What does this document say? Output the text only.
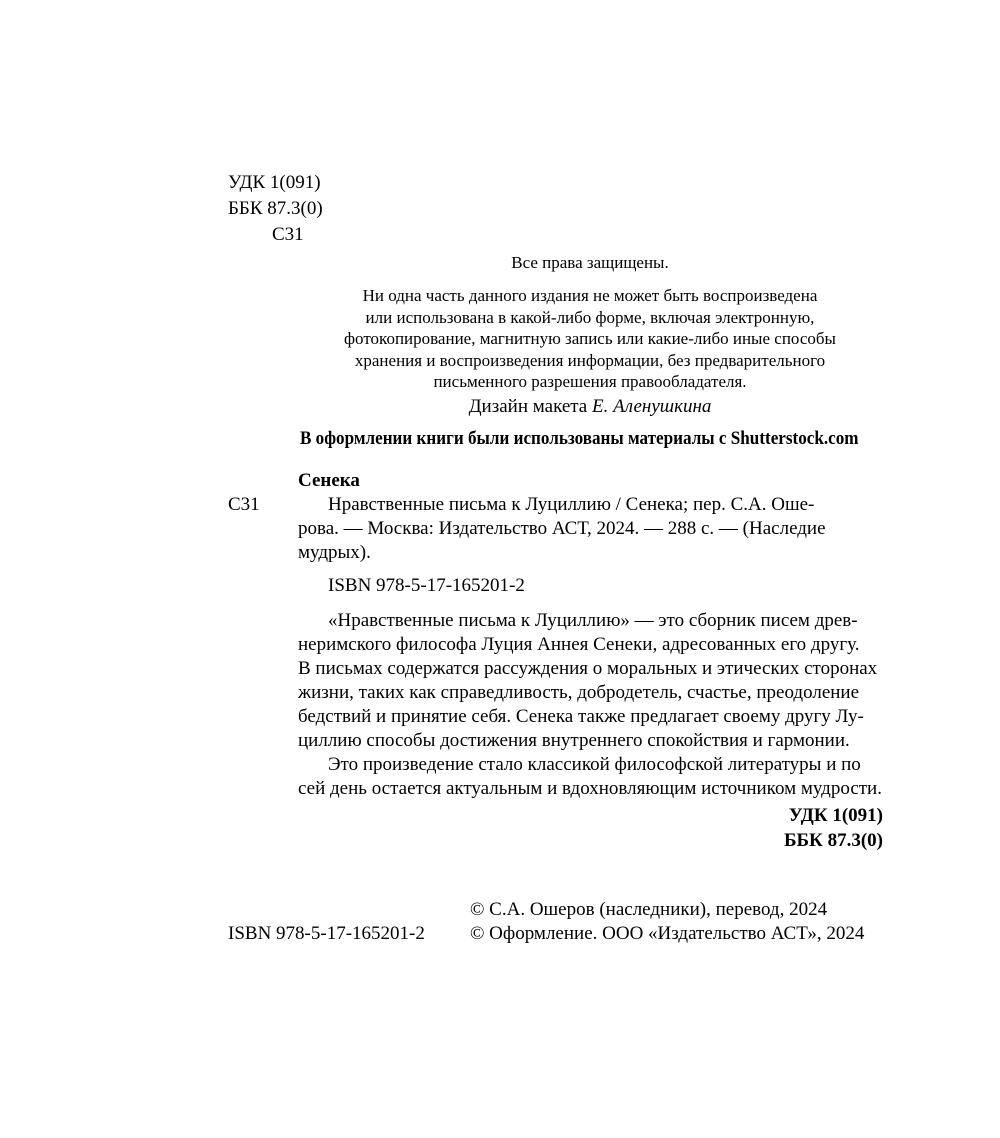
УДК 1(091)
ББК 87.3(0)
С31
Все права защищены.
Ни одна часть данного издания не может быть воспроизведена
или использована в какой-либо форме, включая электронную,
фотокопирование, магнитную запись или какие-либо иные способы
хранения и воспроизведения информации, без предварительного
письменного разрешения правообладателя.
Дизайн макета Е. Аленушкина
В оформлении книги были использованы материалы с Shutterstock.com
Сенека
С31	Нравственные письма к Луциллию / Сенека; пер. С.А. Оше-
рова. — Москва: Издательство АСТ, 2024. — 288 с. — (Наследие
мудрых).
ISBN 978-5-17-165201-2
«Нравственные письма к Луциллию» — это сборник писем древ-
неримского философа Луция Аннея Сенеки, адресованных его другу.
В письмах содержатся рассуждения о моральных и этических сторонах
жизни, таких как справедливость, добродетель, счастье, преодоление
бедствий и принятие себя. Сенека также предлагает своему другу Лу-
циллию способы достижения внутреннего спокойствия и гармонии.
Это произведение стало классикой философской литературы и по
сей день остается актуальным и вдохновляющим источником мудрости.
УДК 1(091)
ББК 87.3(0)
© С.А. Ошеров (наследники), перевод, 2024
ISBN 978-5-17-165201-2 © Оформление. ООО «Издательство АСТ», 2024
